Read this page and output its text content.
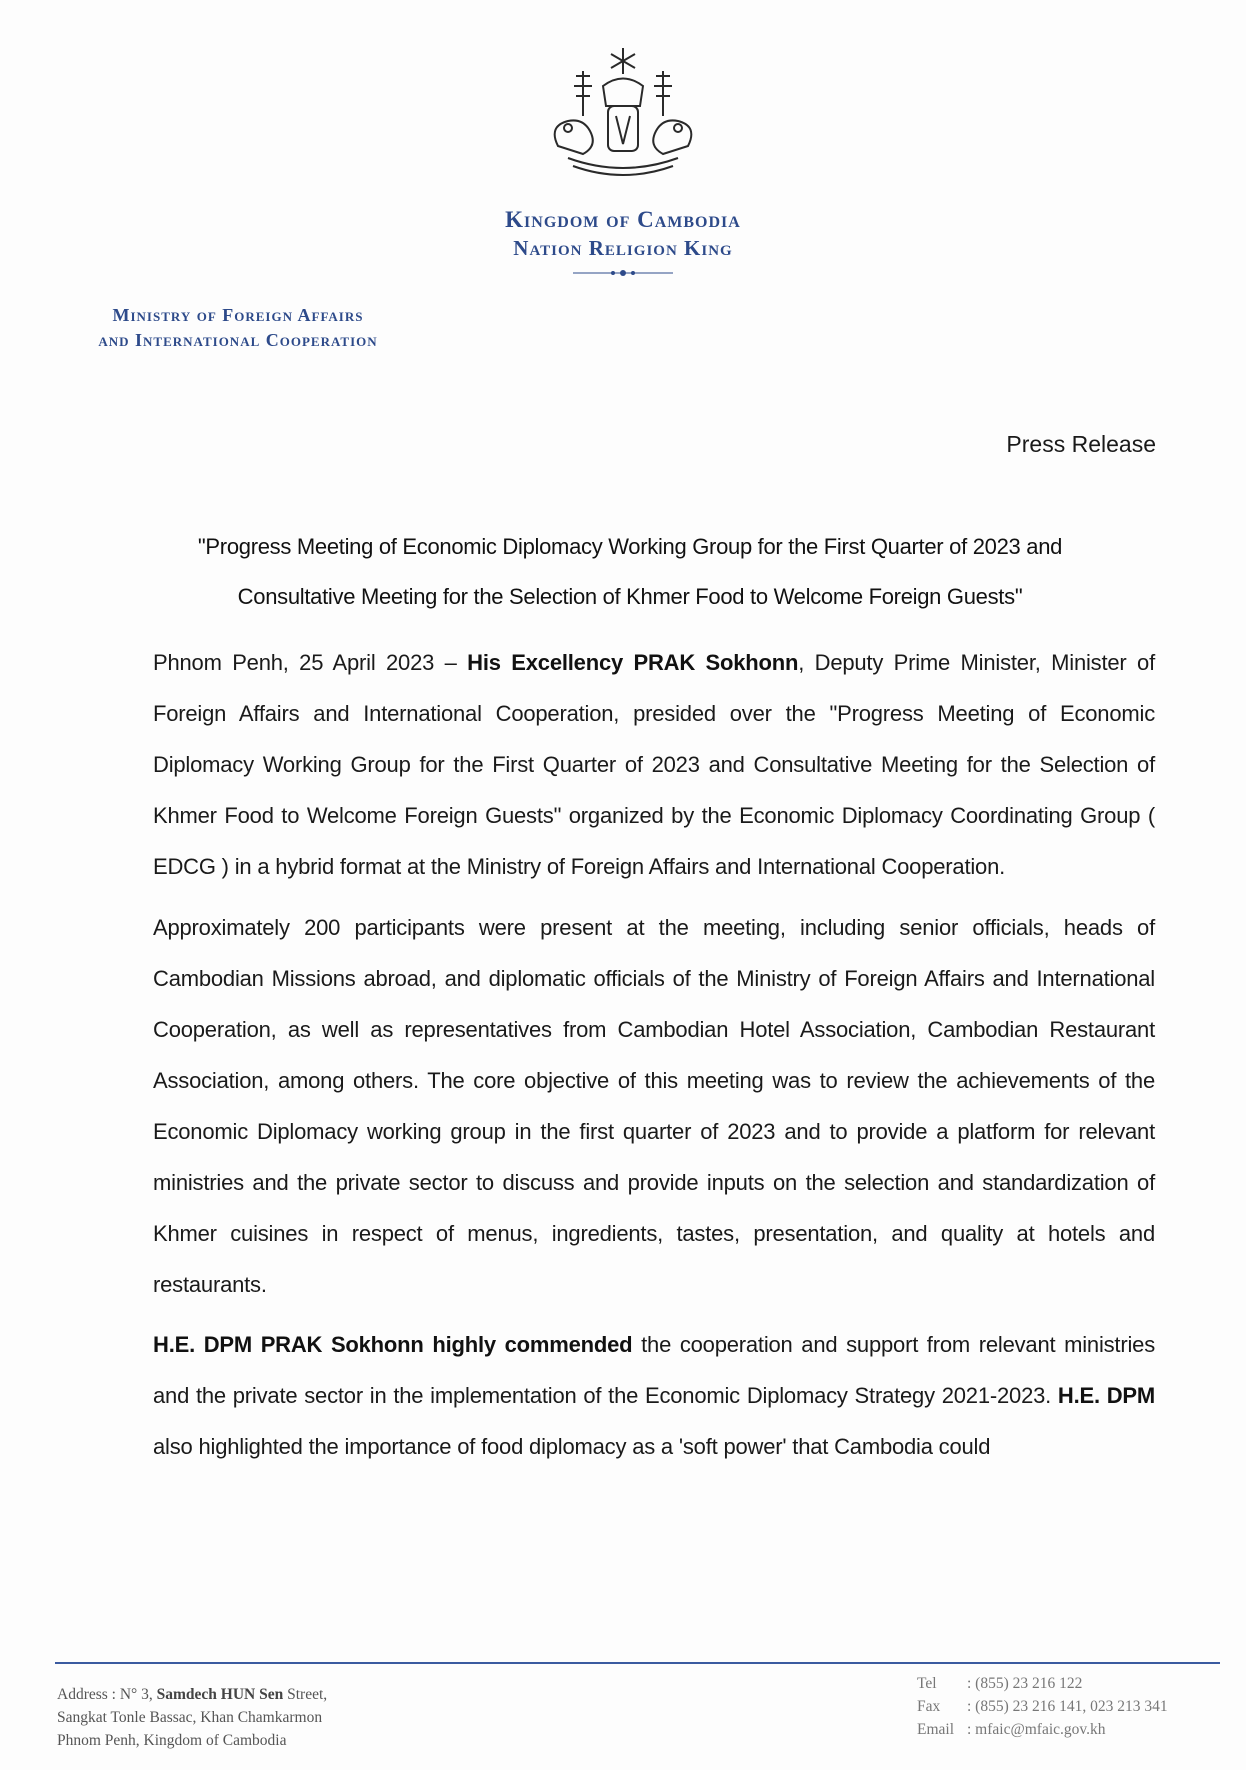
Kingdom of Cambodia
Nation Religion King
Ministry of Foreign Affairs
and International Cooperation
Press Release
"Progress Meeting of Economic Diplomacy Working Group for the First Quarter of 2023 and
Consultative Meeting for the Selection of Khmer Food to Welcome Foreign Guests"

Phnom Penh, 25 April 2023 – His Excellency PRAK Sokhonn, Deputy Prime Minister, Minister of Foreign Affairs and International Cooperation, presided over the "Progress Meeting of Economic Diplomacy Working Group for the First Quarter of 2023 and Consultative Meeting for the Selection of Khmer Food to Welcome Foreign Guests" organized by the Economic Diplomacy Coordinating Group ( EDCG ) in a hybrid format at the Ministry of Foreign Affairs and International Cooperation.

Approximately 200 participants were present at the meeting, including senior officials, heads of Cambodian Missions abroad, and diplomatic officials of the Ministry of Foreign Affairs and International Cooperation, as well as representatives from Cambodian Hotel Association, Cambodian Restaurant Association, among others. The core objective of this meeting was to review the achievements of the Economic Diplomacy working group in the first quarter of 2023 and to provide a platform for relevant ministries and the private sector to discuss and provide inputs on the selection and standardization of Khmer cuisines in respect of menus, ingredients, tastes, presentation, and quality at hotels and restaurants.

H.E. DPM PRAK Sokhonn highly commended the cooperation and support from relevant ministries and the private sector in the implementation of the Economic Diplomacy Strategy 2021-2023. H.E. DPM also highlighted the importance of food diplomacy as a 'soft power' that Cambodia could

Address : N° 3, Samdech HUN Sen Street,
Sangkat Tonle Bassac, Khan Chamkarmon
Phnom Penh, Kingdom of Cambodia
Tel : (855) 23 216 122
Fax : (855) 23 216 141, 023 213 341
Email : mfaic@mfaic.gov.kh
